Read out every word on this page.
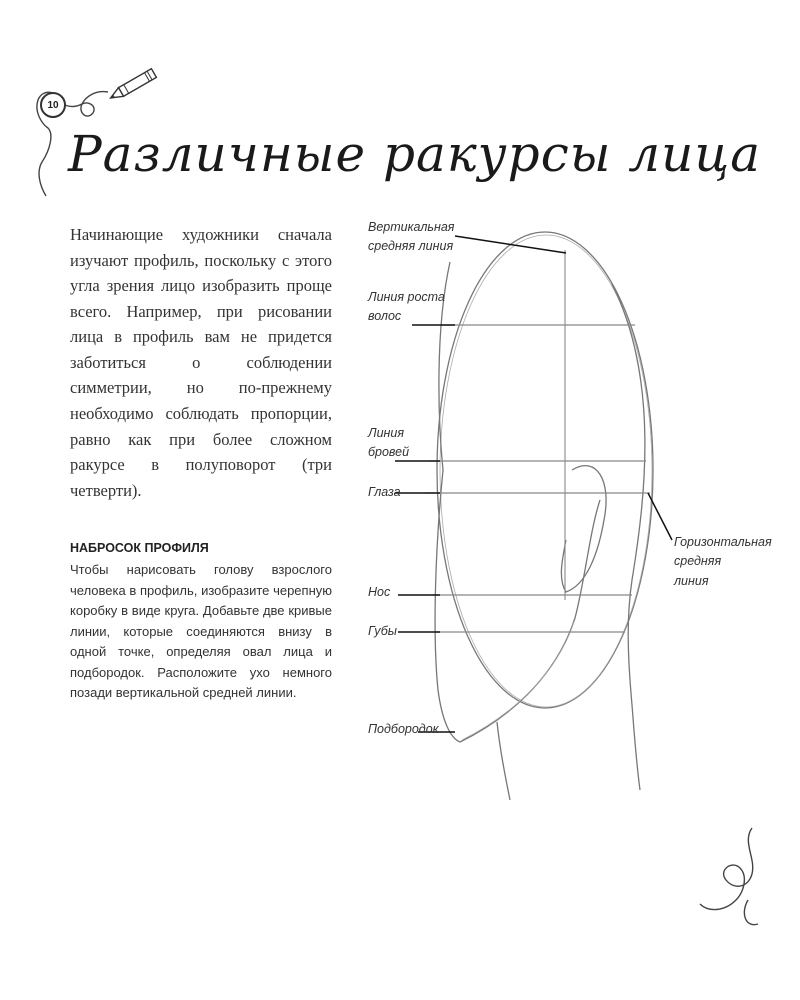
10
Различные ракурсы лица
Начинающие художники сначала изучают профиль, поскольку с этого угла зрения лицо изобразить проще всего. Например, при рисовании лица в профиль вам не придется заботиться о соблюдении симметрии, но по-прежнему необходимо соблюдать пропорции, равно как при более сложном ракурсе в полуповорот (три четверти).
НАБРОСОК ПРОФИЛЯ
Чтобы нарисовать голову взрослого человека в профиль, изобразите черепную коробку в виде круга. Добавьте две кривые линии, которые соединяются внизу в одной точке, определяя овал лица и подбородок. Расположите ухо немного позади вертикальной средней линии.
Вертикальная средняя линия
Линия роста волос
Линия бровей
Глаза
Горизонтальная средняя линия
Нос
Губы
Подбородок
